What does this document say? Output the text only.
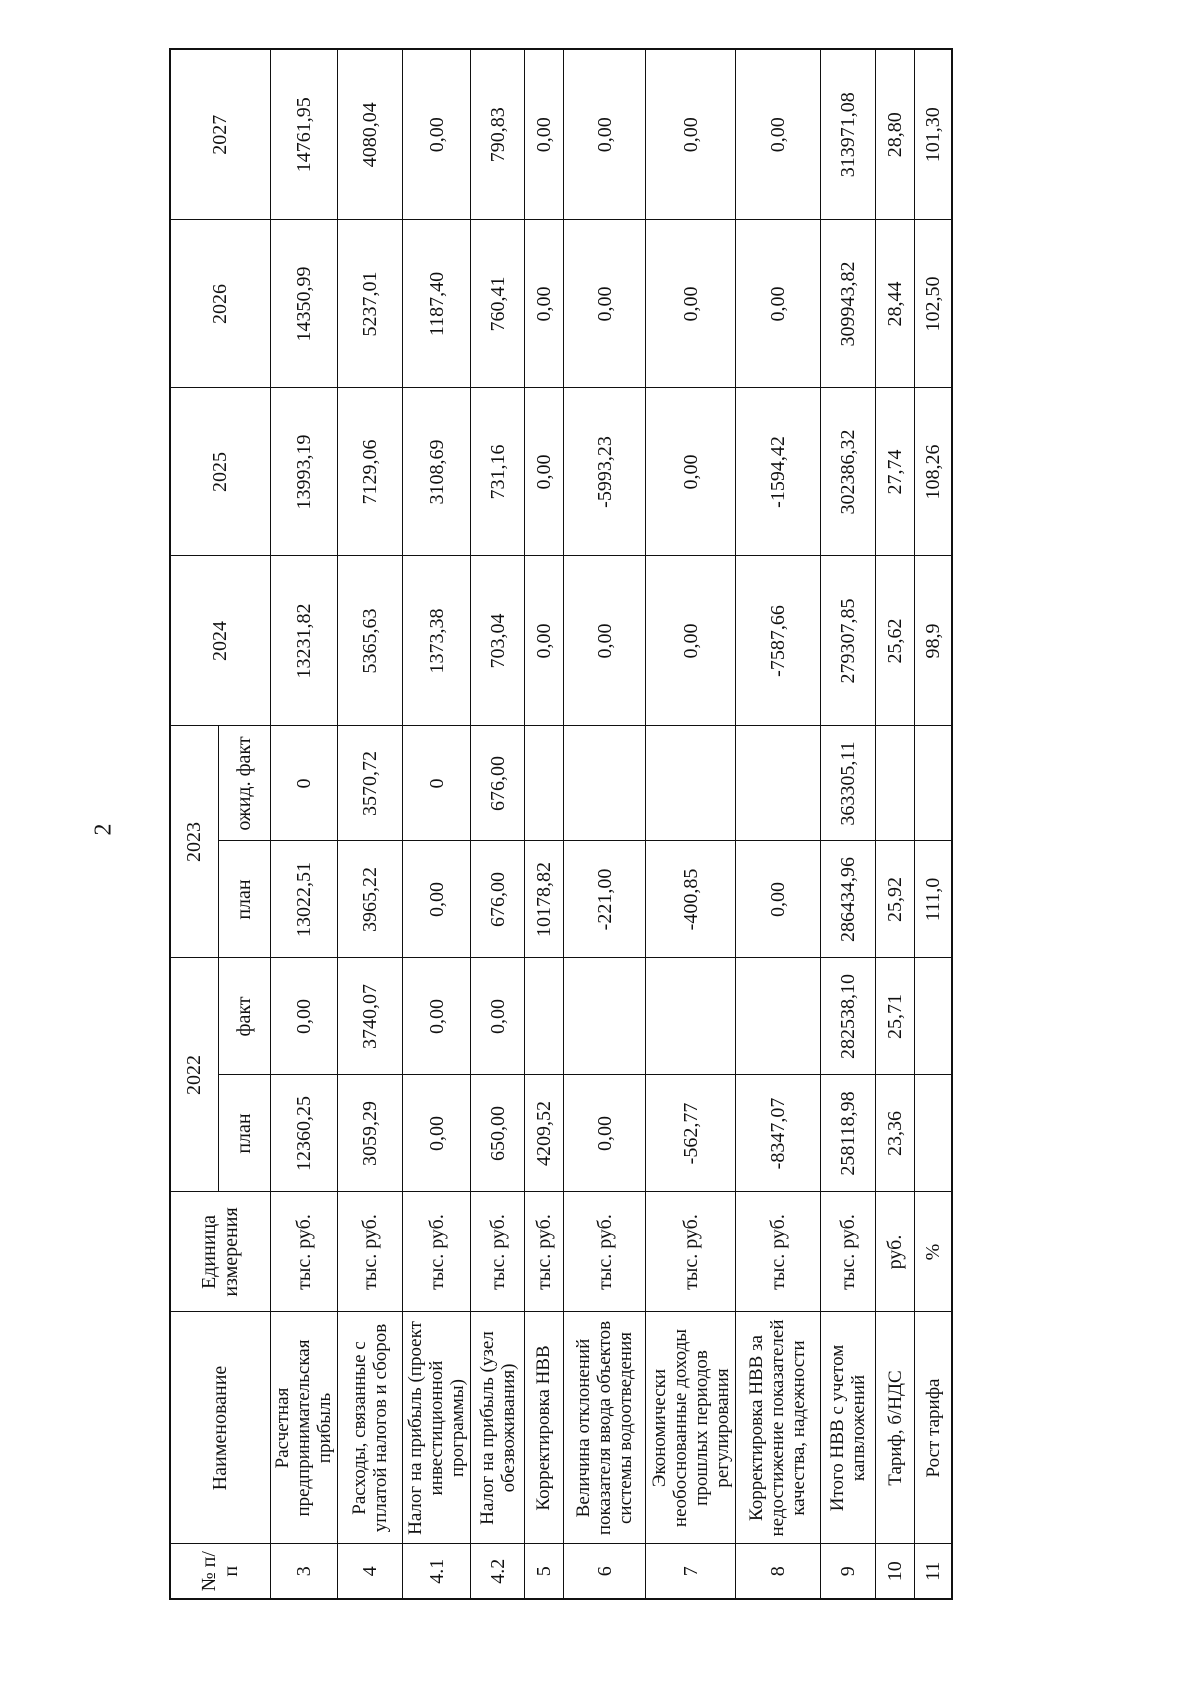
2
№ п/п	Наименование	Единица измерения	2022		2023		2024	2025	2026	2027
			план	факт	план	ожид. факт				
3	Расчетная предпринимательская прибыль	тыс. руб.	12360,25	0,00	13022,51	0	13231,82	13993,19	14350,99	14761,95
4	Расходы, связанные с уплатой налогов и сборов	тыс. руб.	3059,29	3740,07	3965,22	3570,72	5365,63	7129,06	5237,01	4080,04
4.1	Налог на прибыль (проект инвестиционной программы)	тыс. руб.	0,00	0,00	0,00	0	1373,38	3108,69	1187,40	0,00
4.2	Налог на прибыль (узел обезвоживания)	тыс. руб.	650,00	0,00	676,00	676,00	703,04	731,16	760,41	790,83
5	Корректировка НВВ	тыс. руб.	4209,52		10178,82		0,00	0,00	0,00	0,00
6	Величина отклонений показателя ввода объектов системы водоотведения	тыс. руб.	0,00		-221,00		0,00	-5993,23	0,00	0,00
7	Экономически необоснованные доходы прошлых периодов регулирования	тыс. руб.	-562,77		-400,85		0,00	0,00	0,00	0,00
8	Корректировка НВВ за недостижение показателей качества, надежности	тыс. руб.	-8347,07		0,00		-7587,66	-1594,42	0,00	0,00
9	Итого НВВ с учетом капвложений	тыс. руб.	258118,98	282538,10	286434,96	363305,11	279307,85	302386,32	309943,82	313971,08
10	Тариф, б/НДС	руб.	23,36	25,71	25,92		25,62	27,74	28,44	28,80
11	Рост тарифа	%			111,0		98,9	108,26	102,50	101,30
